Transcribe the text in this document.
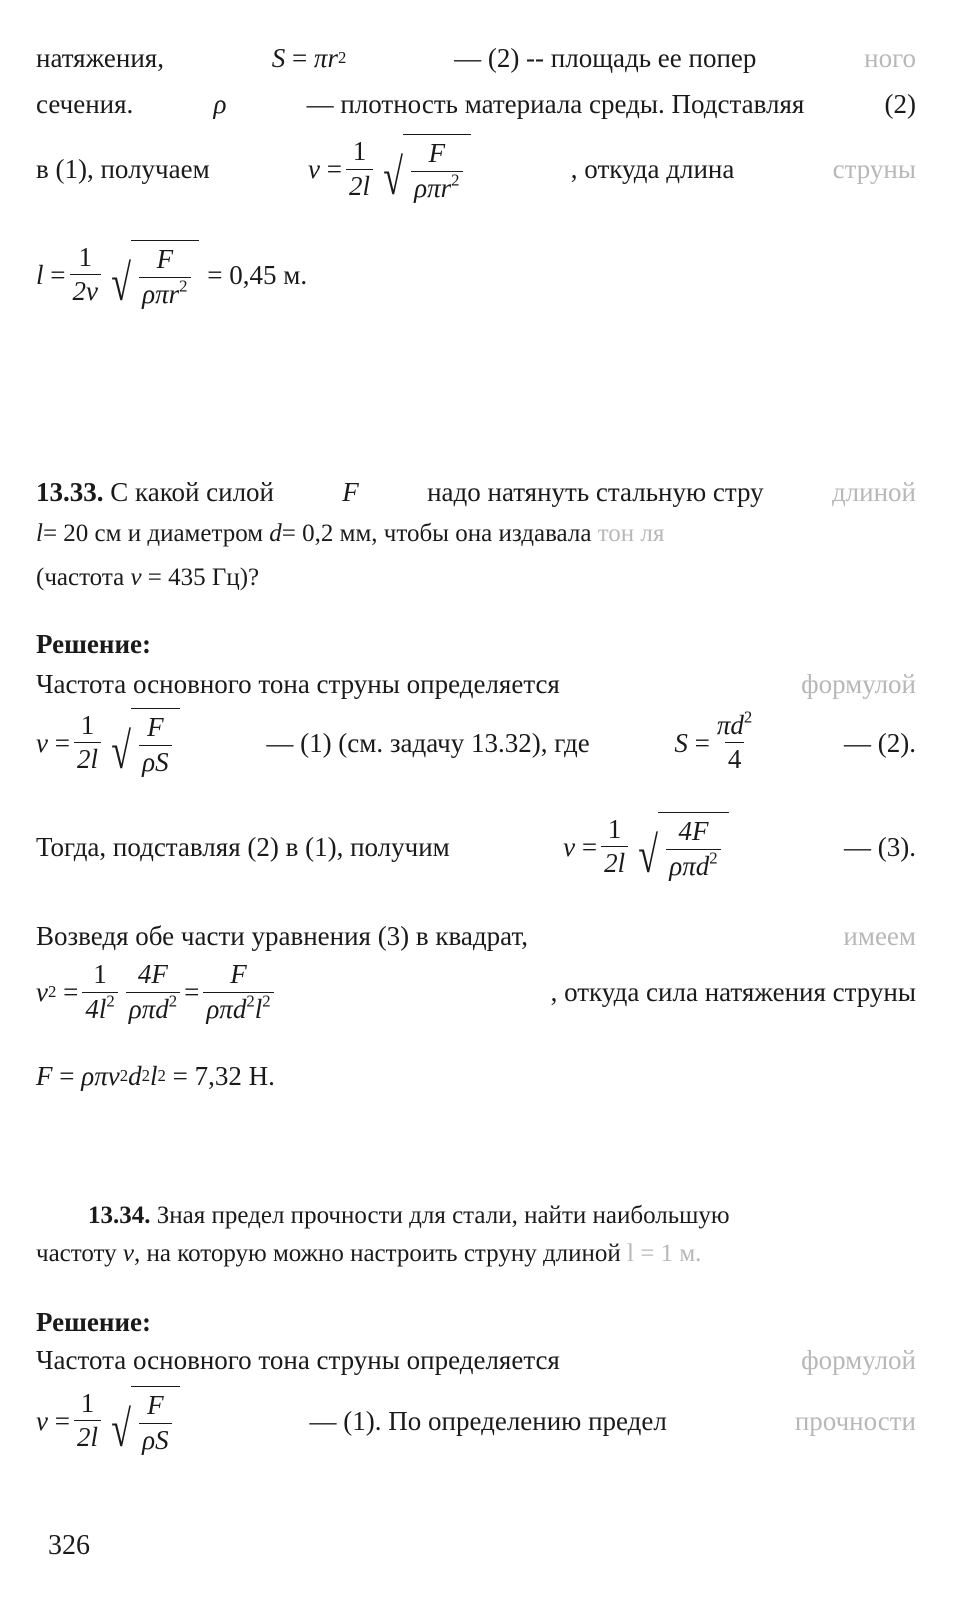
натяжения,	S = πr 2	— (2) -- площадь ее попер	ного
сечения.	ρ	— плотность материала среды. Подставляя	(2)
в (1), получаем	$\nu = \frac{1}{2l}$ √ $\frac{F}{\rho\pi r^2}$	, откуда длина	струны
$l = \frac{1}{2\nu}$ √ $\frac{F}{\rho\pi r^2}$
= 0,45 м.
13.33. С какой силой	F	надо натянуть стальную стру	длиной
l= 20 см и диаметром d= 0,2 мм, чтобы она издавала тон ля
(частота ν = 435 Гц)?
Решение:
Частота основного тона струны определяется	формулой
$\nu = \frac{1}{2l}$ √ $\frac{F}{\rho S}$	— (1) (см. задачу 13.32), где	$S = \frac{\pi d^2}{4}$	— (2).
Тогда, подставляя (2) в (1), получим	$\nu = \frac{1}{2l}$ √ $\frac{4F}{\rho\pi d^2}$	— (3).
Возведя обе части уравнения (3) в квадрат,	имеем
ν $2 = \frac{1}{4l^2} \frac{4F}{\rho\pi d^2} = \frac{F}{\rho\pi d^2l^2}$	, откуда сила натяжения струны
F = ρπν 2 d 2 l 2
= 7,32 Н.
13.34. Зная предел прочности для стали, найти наибольшую
частоту ν, на которую можно настроить струну длиной l = 1 м.
Решение:
Частота основного тона струны определяется	формулой
$\nu = \frac{1}{2l}$ √ $\frac{F}{\rho S}$	— (1). По определению предел	прочности
326
